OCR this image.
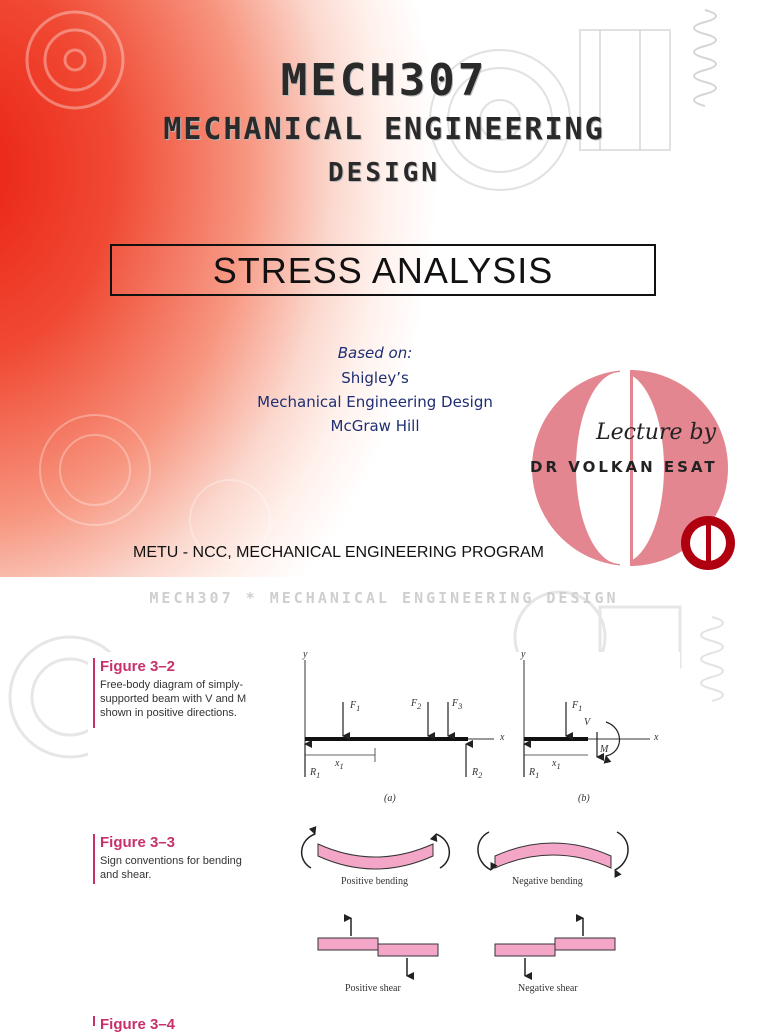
MECH307
MECHANICAL ENGINEERING
DESIGN
STRESS ANALYSIS
Based on:
Shigley’s
Mechanical Engineering Design
McGraw Hill	Lecture by
DR VOLKAN ESAT
METU - NCC, MECHANICAL ENGINEERING PROGRAM
MECH307 * MECHANICAL ENGINEERING DESIGN
Figure 3–2
Free-body diagram of simply-supported beam with V and M shown in positive directions.
y
$F_1$	$F_2$	$F_3$
x
$x_1$
$R_1$	$R_2$
(a)
y
$F_1$
V
M
x
$x_1$
$R_1$
(b)
Figure 3–3
Sign conventions for bending and shear.
Positive bending	Negative bending
Positive shear	Negative shear
Figure 3–4
